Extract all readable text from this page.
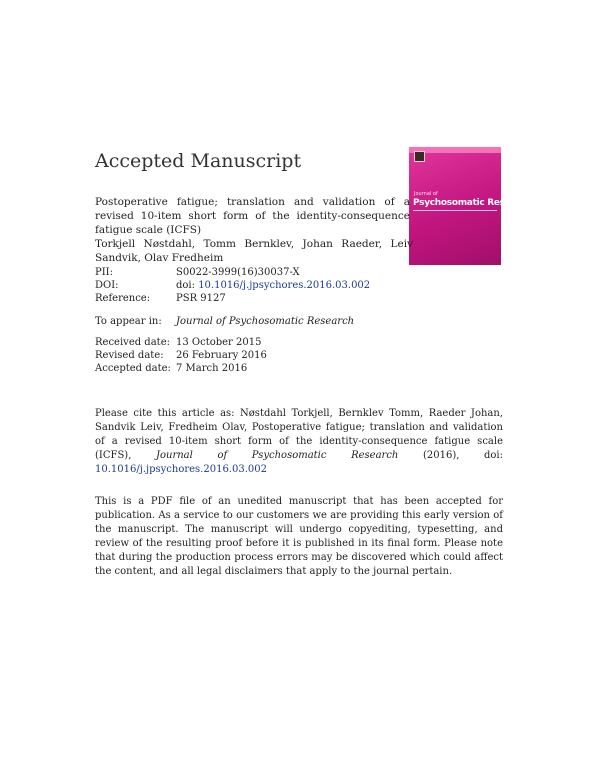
Accepted Manuscript
Journal of
Psychosomatic Research
Postoperative fatigue; translation and validation of a revised 10-item short form of the identity-consequence fatigue scale (ICFS)
Torkjell Nøstdahl, Tomm Bernklev, Johan Raeder, Leiv Sandvik, Olav Fredheim
PII:	S0022-3999(16)30037-X
DOI:	doi: 10.1016/j.jpsychores.2016.03.002
Reference:	PSR 9127
To appear in:	Journal of Psychosomatic Research
Received date: 13 October 2015
Revised date:	26 February 2016
Accepted date: 7 March 2016
Please cite this article as: Nøstdahl Torkjell, Bernklev Tomm, Raeder Johan, Sandvik Leiv, Fredheim Olav, Postoperative fatigue; translation and validation of a revised 10-item short form of the identity-consequence fatigue scale (ICFS), Journal of Psychosomatic Research (2016), doi: 10.1016/j.jpsychores.2016.03.002
This is a PDF file of an unedited manuscript that has been accepted for publication. As a service to our customers we are providing this early version of the manuscript. The manuscript will undergo copyediting, typesetting, and review of the resulting proof before it is published in its final form. Please note that during the production process errors may be discovered which could affect the content, and all legal disclaimers that apply to the journal pertain.
